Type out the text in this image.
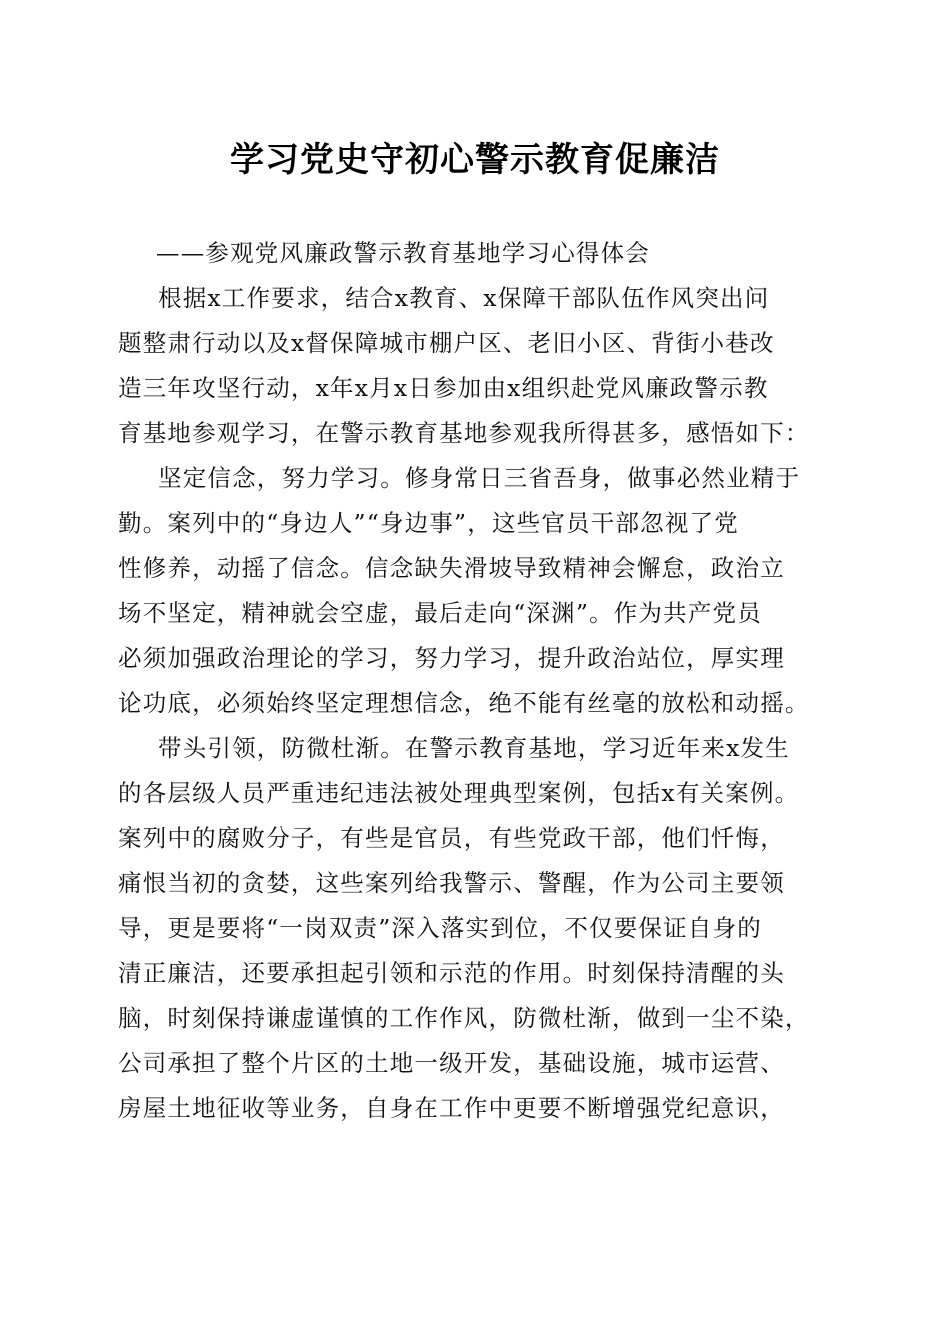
学习党史守初心警示教育促廉洁
——参观党风廉政警示教育基地学习心得体会
根据x工作要求，结合x教育、x保障干部队伍作风突出问
题整肃行动以及x督保障城市棚户区、老旧小区、背街小巷改
造三年攻坚行动，x年x月x日参加由x组织赴党风廉政警示教
育基地参观学习，在警示教育基地参观我所得甚多，感悟如下：
坚定信念，努力学习。修身常日三省吾身，做事必然业精于
勤。案列中的“身边人”“身边事”，这些官员干部忽视了党
性修养，动摇了信念。信念缺失滑坡导致精神会懈怠，政治立
场不坚定，精神就会空虚，最后走向“深渊”。作为共产党员
必须加强政治理论的学习，努力学习，提升政治站位，厚实理
论功底，必须始终坚定理想信念，绝不能有丝毫的放松和动摇。
带头引领，防微杜渐。在警示教育基地，学习近年来x发生
的各层级人员严重违纪违法被处理典型案例，包括x有关案例。
案列中的腐败分子，有些是官员，有些党政干部，他们忏悔，
痛恨当初的贪婪，这些案列给我警示、警醒，作为公司主要领
导，更是要将“一岗双责”深入落实到位，不仅要保证自身的
清正廉洁，还要承担起引领和示范的作用。时刻保持清醒的头
脑，时刻保持谦虚谨慎的工作作风，防微杜渐，做到一尘不染，
公司承担了整个片区的土地一级开发，基础设施，城市运营、
房屋土地征收等业务，自身在工作中更要不断增强党纪意识，
